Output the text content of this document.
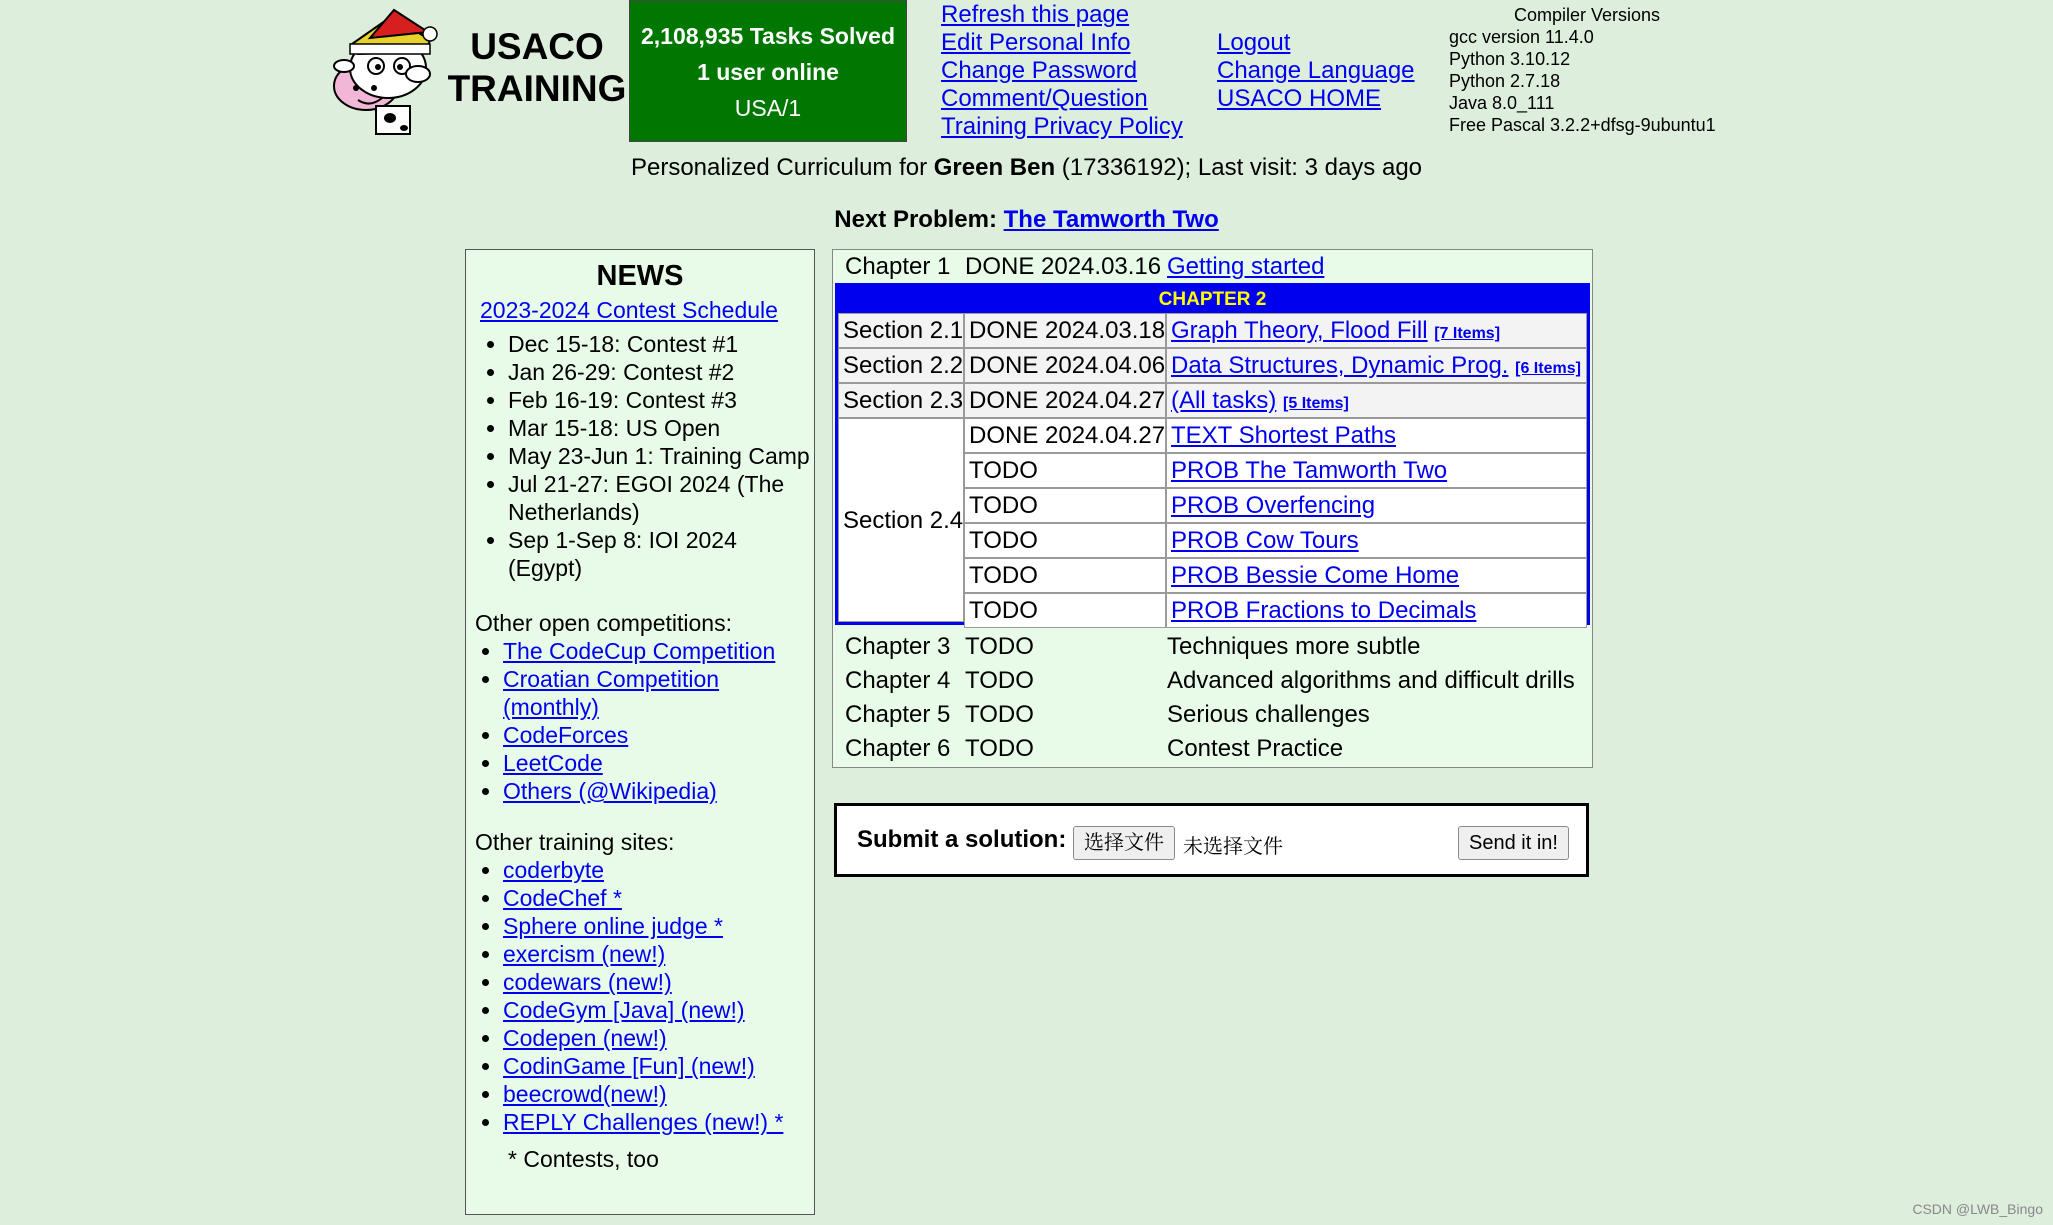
USACO
TRAINING
2,108,935 Tasks Solved
1 user online
USA/1
Refresh this page
Edit Personal Info
Change Password
Comment/Question
Training Privacy Policy
Logout
Change Language
USACO HOME
Compiler Versions
gcc version 11.4.0
Python 3.10.12
Python 2.7.18
Java 8.0_111
Free Pascal 3.2.2+dfsg-9ubuntu1
Personalized Curriculum for Green Ben (17336192); Last visit: 3 days ago
Next Problem: The Tamworth Two
NEWS
2023-2024 Contest Schedule
• Dec 15-18: Contest #1
• Jan 26-29: Contest #2
• Feb 16-19: Contest #3
• Mar 15-18: US Open
• May 23-Jun 1: Training Camp
• Jul 21-27: EGOI 2024 (The Netherlands)
• Sep 1-Sep 8: IOI 2024 (Egypt)
Other open competitions:
• The CodeCup Competition
• Croatian Competition (monthly)
• CodeForces
• LeetCode
• Others (@Wikipedia)
Other training sites:
• coderbyte
• CodeChef *
• Sphere online judge *
• exercism (new!)
• codewars (new!)
• CodeGym [Java] (new!)
• Codepen (new!)
• CodinGame [Fun] (new!)
• beecrowd(new!)
• REPLY Challenges (new!) *
* Contests, too
Chapter 1 DONE 2024.03.16 Getting started
CHAPTER 2
Section 2.1 DONE 2024.03.18 Graph Theory, Flood Fill [7 Items]
Section 2.2 DONE 2024.04.06 Data Structures, Dynamic Prog. [6 Items]
Section 2.3 DONE 2024.04.27 (All tasks) [5 Items]
Section 2.4
DONE 2024.04.27 TEXT Shortest Paths
TODO	PROB The Tamworth Two
TODO	PROB Overfencing
TODO	PROB Cow Tours
TODO	PROB Bessie Come Home
TODO	PROB Fractions to Decimals
Chapter 3 TODO	Techniques more subtle
Chapter 4 TODO	Advanced algorithms and difficult drills
Chapter 5 TODO	Serious challenges
Chapter 6 TODO	Contest Practice
Submit a solution: 选择文件 未选择文件	Send it in!
CSDN @LWB_Bingo
